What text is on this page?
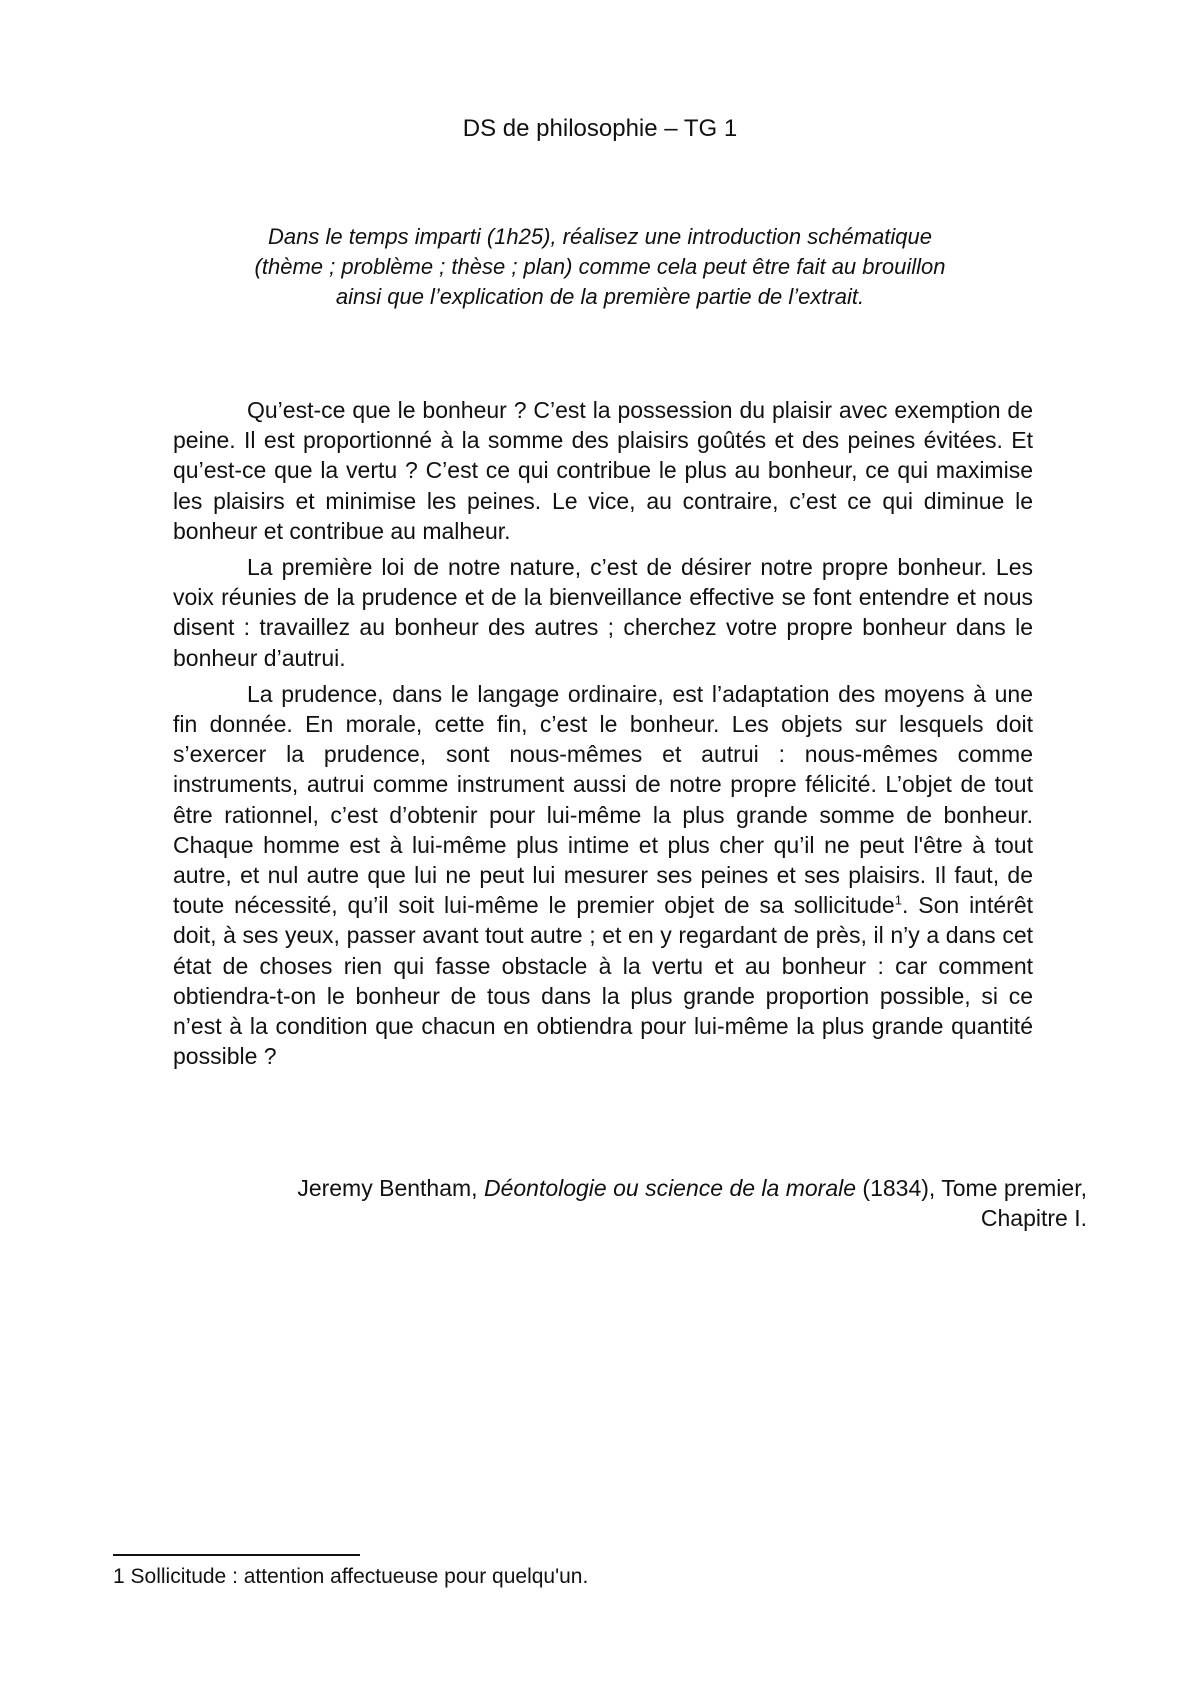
DS de philosophie – TG 1
Dans le temps imparti (1h25), réalisez une introduction schématique
(thème ; problème ; thèse ; plan) comme cela peut être fait au brouillon
ainsi que l’explication de la première partie de l’extrait.

Qu’est-ce que le bonheur ? C’est la possession du plaisir avec exemption de peine. Il est proportionné à la somme des plaisirs goûtés et des peines évitées. Et qu’est-ce que la vertu ? C’est ce qui contribue le plus au bonheur, ce qui maximise les plaisirs et minimise les peines. Le vice, au contraire, c’est ce qui diminue le bonheur et contribue au malheur.

La première loi de notre nature, c’est de désirer notre propre bonheur. Les voix réunies de la prudence et de la bienveillance effective se font entendre et nous disent : travaillez au bonheur des autres ; cherchez votre propre bonheur dans le bonheur d’autrui.

La prudence, dans le langage ordinaire, est l’adaptation des moyens à une fin donnée. En morale, cette fin, c’est le bonheur. Les objets sur lesquels doit s’exercer la prudence, sont nous-mêmes et autrui : nous-mêmes comme instruments, autrui comme instrument aussi de notre propre félicité. L’objet de tout être rationnel, c’est d’obtenir pour lui-même la plus grande somme de bonheur. Chaque homme est à lui-même plus intime et plus cher qu’il ne peut l'être à tout autre, et nul autre que lui ne peut lui mesurer ses peines et ses plaisirs. Il faut, de toute nécessité, qu’il soit lui-même le premier objet de sa sollicitude$^1$. Son intérêt doit, à ses yeux, passer avant tout autre ; et en y regardant de près, il n’y a dans cet état de choses rien qui fasse obstacle à la vertu et au bonheur : car comment obtiendra-t-on le bonheur de tous dans la plus grande proportion possible, si ce n’est à la condition que chacun en obtiendra pour lui-même la plus grande quantité possible ?

Jeremy Bentham, Déontologie ou science de la morale (1834), Tome premier,
Chapitre I.
1 Sollicitude : attention affectueuse pour quelqu'un.
